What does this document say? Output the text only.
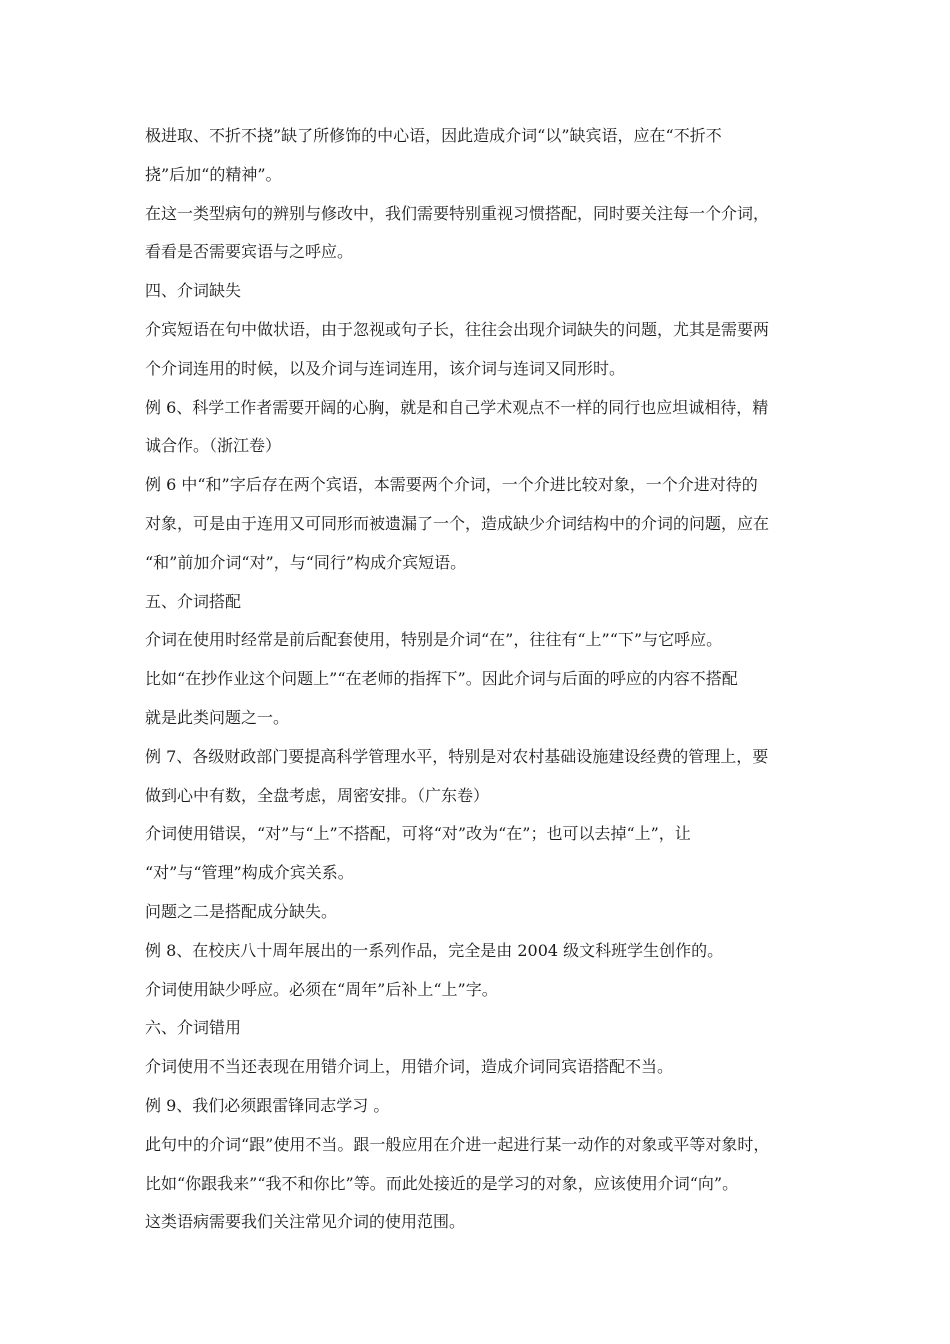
极进取、不折不挠”缺了所修饰的中心语，因此造成介词“以”缺宾语，应在“不折不
挠”后加“的精神”。
在这一类型病句的辨别与修改中，我们需要特别重视习惯搭配，同时要关注每一个介词，
看看是否需要宾语与之呼应。
四、介词缺失
介宾短语在句中做状语，由于忽视或句子长，往往会出现介词缺失的问题，尤其是需要两
个介词连用的时候，以及介词与连词连用，该介词与连词又同形时。
例 6、科学工作者需要开阔的心胸，就是和自己学术观点不一样的同行也应坦诚相待，精
诚合作。（浙江卷）
例 6 中“和”字后存在两个宾语，本需要两个介词，一个介进比较对象，一个介进对待的
对象，可是由于连用又可同形而被遗漏了一个，造成缺少介词结构中的介词的问题，应在
“和”前加介词“对”，与“同行”构成介宾短语。
五、介词搭配
介词在使用时经常是前后配套使用，特别是介词“在”，往往有“上”“下”与它呼应。
比如“在抄作业这个问题上”“在老师的指挥下”。因此介词与后面的呼应的内容不搭配
就是此类问题之一。
例 7、各级财政部门要提高科学管理水平，特别是对农村基础设施建设经费的管理上，要
做到心中有数，全盘考虑，周密安排。（广东卷）
介词使用错误，“对”与“上”不搭配，可将“对”改为“在”；也可以去掉“上”，让
“对”与“管理”构成介宾关系。
问题之二是搭配成分缺失。
例 8、在校庆八十周年展出的一系列作品，完全是由 2004 级文科班学生创作的。
介词使用缺少呼应。必须在“周年”后补上“上”字。
六、介词错用
介词使用不当还表现在用错介词上，用错介词，造成介词同宾语搭配不当。
例 9、我们必须跟雷锋同志学习 。
此句中的介词“跟”使用不当。跟一般应用在介进一起进行某一动作的对象或平等对象时，
比如“你跟我来”“我不和你比”等。而此处接近的是学习的对象，应该使用介词“向”。
这类语病需要我们关注常见介词的使用范围。
